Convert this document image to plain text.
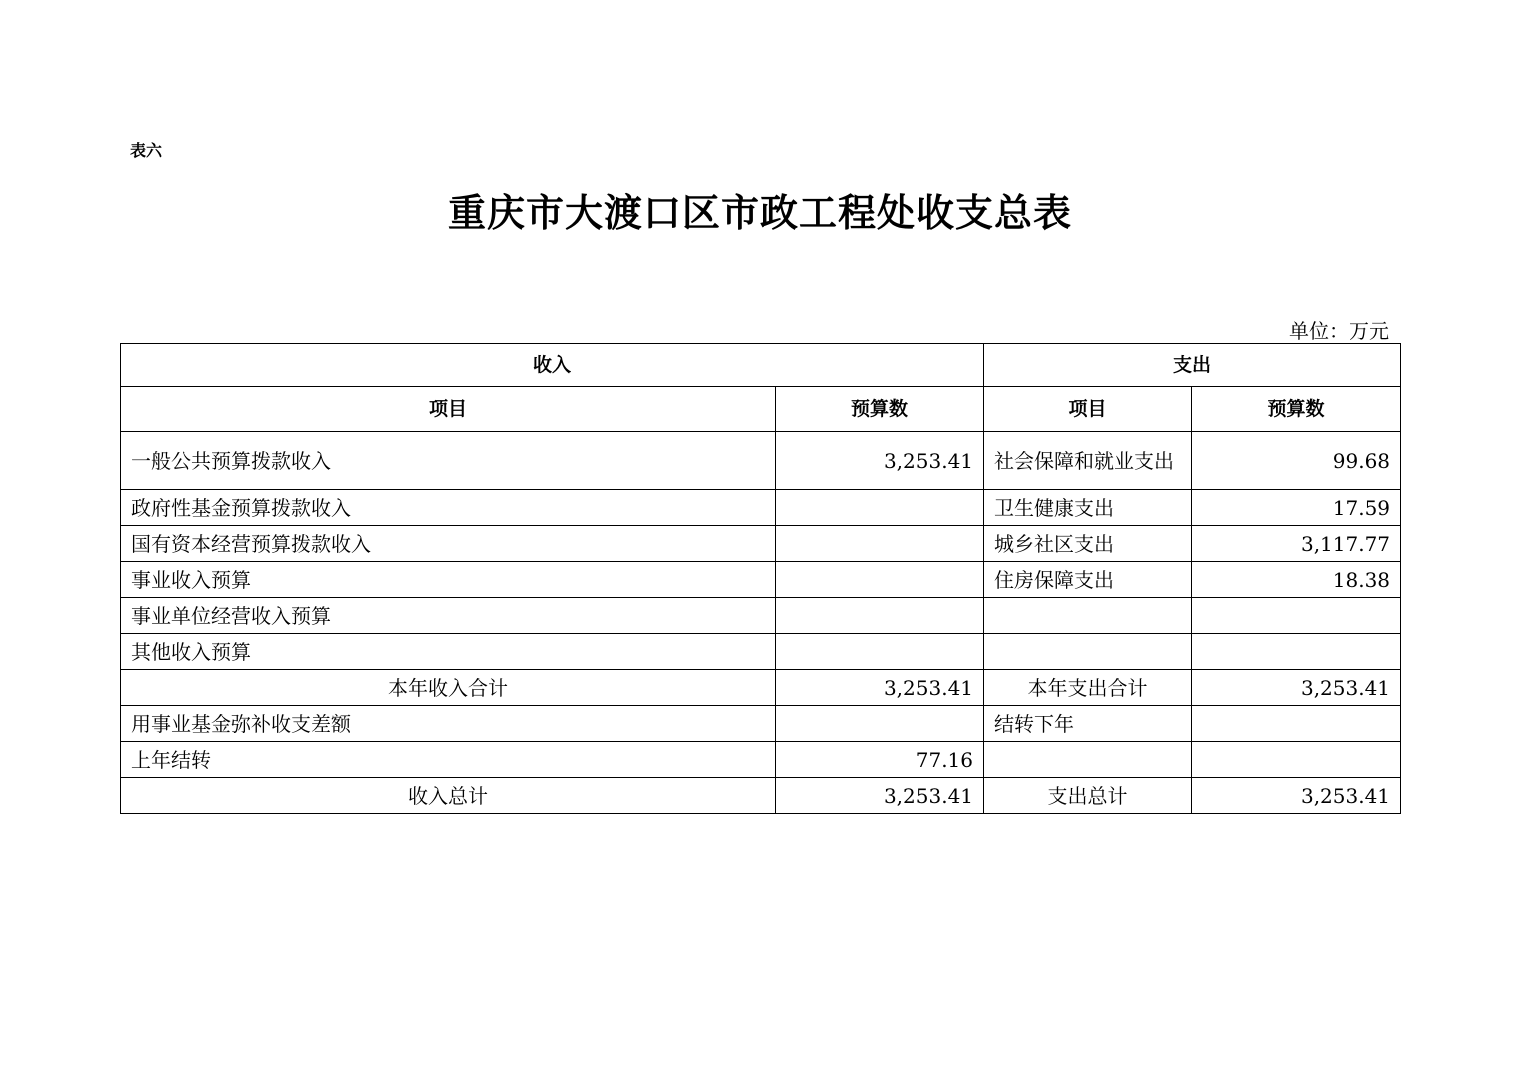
表六
重庆市大渡口区市政工程处收支总表
单位：万元
收入		支出	
项目	预算数	项目	预算数
一般公共预算拨款收入	3,253.41	社会保障和就业支出	99.68
政府性基金预算拨款收入		卫生健康支出	17.59
国有资本经营预算拨款收入		城乡社区支出	3,117.77
事业收入预算		住房保障支出	18.38
事业单位经营收入预算			
其他收入预算			
本年收入合计	3,253.41	本年支出合计	3,253.41
用事业基金弥补收支差额		结转下年	
上年结转	77.16		
收入总计	3,253.41	支出总计	3,253.41
